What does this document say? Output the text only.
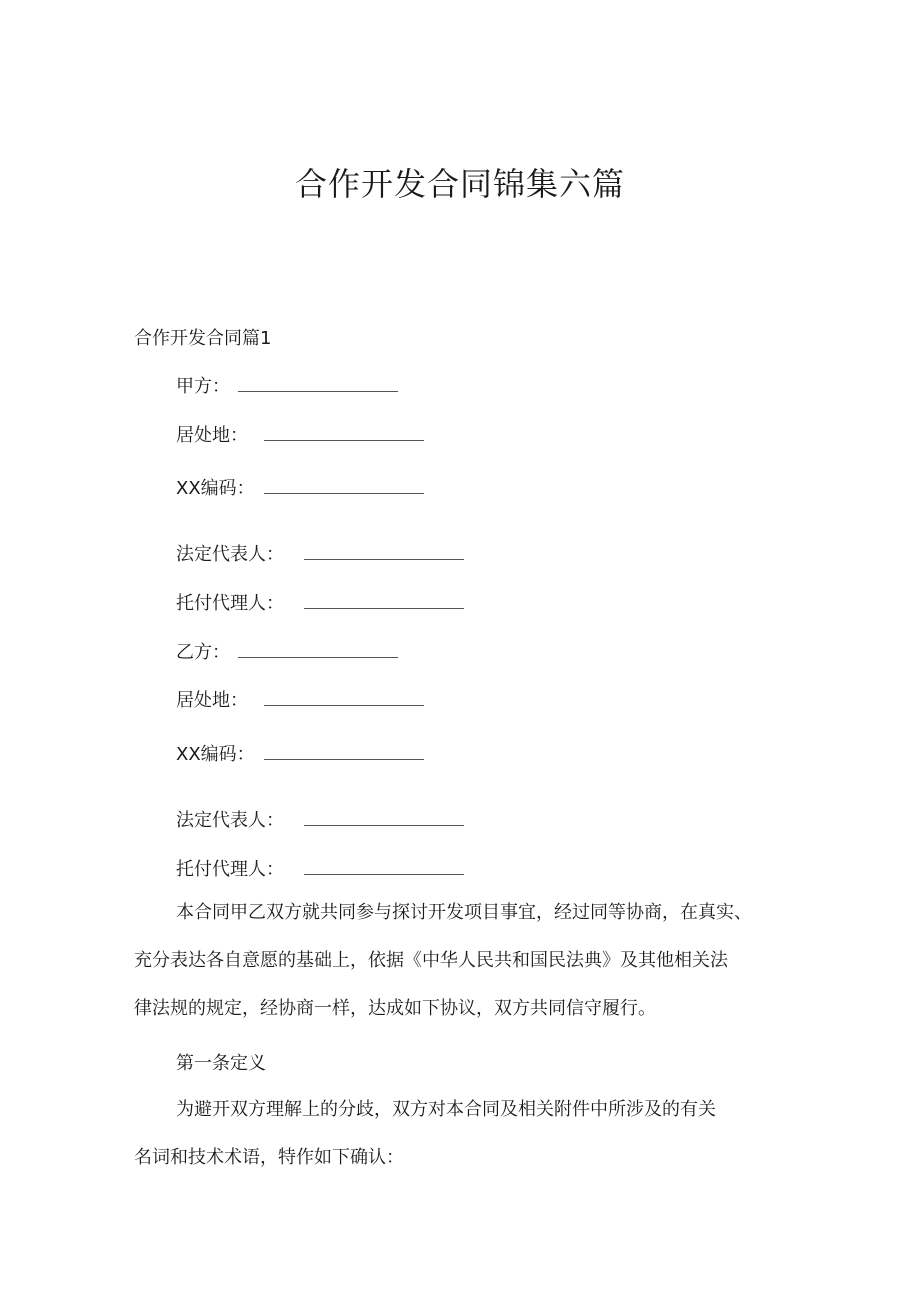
合作开发合同锦集六篇
合作开发合同篇1
甲方：
居处地：
XX编码：
法定代表人：
托付代理人：
乙方：
居处地：
XX编码：
法定代表人：
托付代理人：
本合同甲乙双方就共同参与探讨开发项目事宜，经过同等协商，在真实、
充分表达各自意愿的基础上，依据《中华人民共和国民法典》及其他相关法
律法规的规定，经协商一样，达成如下协议，双方共同信守履行。
第一条定义
为避开双方理解上的分歧，双方对本合同及相关附件中所涉及的有关
名词和技术术语，特作如下确认：
